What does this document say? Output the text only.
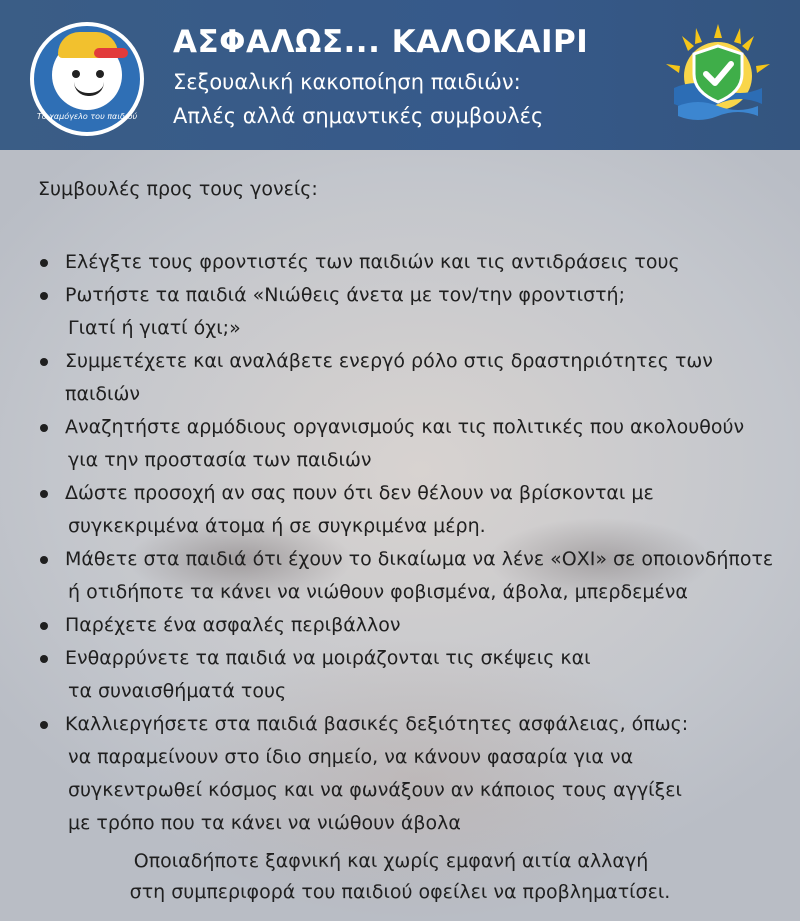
Το χαμόγελο του παιδιού
ΑΣΦΑΛΩΣ... ΚΑΛΟΚΑΙΡΙ
Σεξουαλική κακοποίηση παιδιών:
Απλές αλλά σημαντικές συμβουλές
Συμβουλές προς τους γονείς:
Ελέγξτε τους φροντιστές των παιδιών και τις αντιδράσεις τους
Ρωτήστε τα παιδιά «Νιώθεις άνετα με τον/την φροντιστή;
Γιατί ή γιατί όχι;»
Συμμετέχετε και αναλάβετε ενεργό ρόλο στις δραστηριότητες των παιδιών
Αναζητήστε αρμόδιους οργανισμούς και τις πολιτικές που ακολουθούν
για την προστασία των παιδιών
Δώστε προσοχή αν σας πουν ότι δεν θέλουν να βρίσκονται με
συγκεκριμένα άτομα ή σε συγκριμένα μέρη.
Μάθετε στα παιδιά ότι έχουν το δικαίωμα να λένε «ΟΧΙ» σε οποιονδήποτε
ή οτιδήποτε τα κάνει να νιώθουν φοβισμένα, άβολα, μπερδεμένα
Παρέχετε ένα ασφαλές περιβάλλον
Ενθαρρύνετε τα παιδιά να μοιράζονται τις σκέψεις και
τα συναισθήματά τους
Καλλιεργήσετε στα παιδιά βασικές δεξιότητες ασφάλειας, όπως:
να παραμείνουν στο ίδιο σημείο, να κάνουν φασαρία για να
συγκεντρωθεί κόσμος και να φωνάξουν αν κάποιος τους αγγίξει
με τρόπο που τα κάνει να νιώθουν άβολα
Οποιαδήποτε ξαφνική και χωρίς εμφανή αιτία αλλαγή
στη συμπεριφορά του παιδιού οφείλει να προβληματίσει.
